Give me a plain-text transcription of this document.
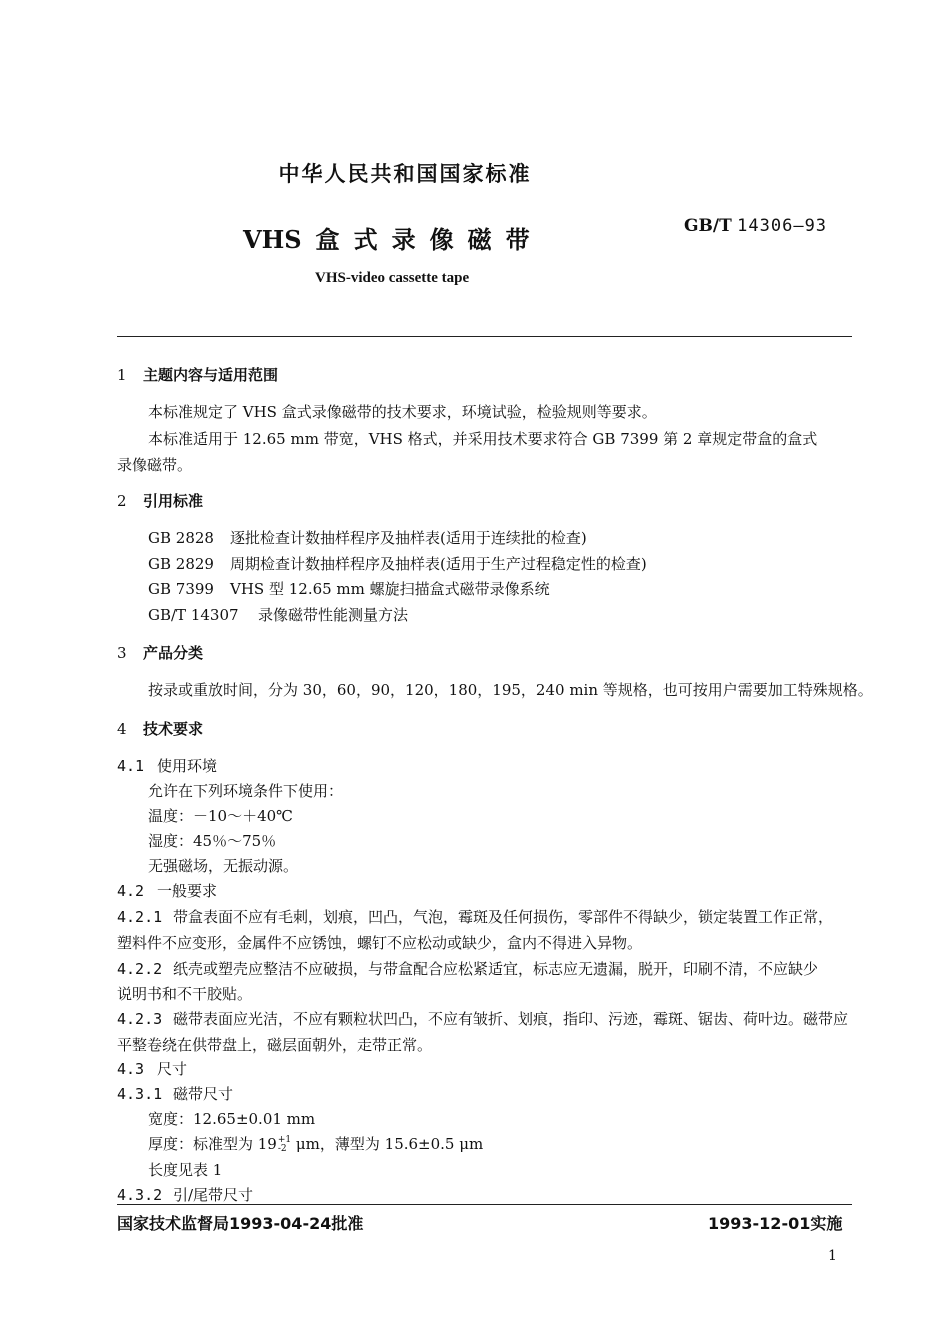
中华人民共和国国家标准
VHS 盒式录像磁带	GB/T 14306—93
VHS-video cassette tape
1 主题内容与适用范围
本标准规定了 VHS 盒式录像磁带的技术要求，环境试验，检验规则等要求。
本标准适用于 12.65 mm 带宽，VHS 格式，并采用技术要求符合 GB 7399 第 2 章规定带盒的盒式
录像磁带。
2 引用标准
GB 2828 逐批检查计数抽样程序及抽样表(适用于连续批的检查)
GB 2829 周期检查计数抽样程序及抽样表(适用于生产过程稳定性的检查)
GB 7399 VHS 型 12.65 mm 螺旋扫描盒式磁带录像系统
GB/T 14307 录像磁带性能测量方法
3 产品分类
按录或重放时间，分为 30，60，90，120，180，195，240 min 等规格，也可按用户需要加工特殊规格。
4 技术要求
4.1 使用环境
允许在下列环境条件下使用：
温度：－10～＋40℃
湿度：45％～75％
无强磁场，无振动源。
4.2 一般要求
4.2.1 带盒表面不应有毛刺，划痕，凹凸，气泡，霉斑及任何损伤，零部件不得缺少，锁定装置工作正常，
塑料件不应变形，金属件不应锈蚀，螺钉不应松动或缺少，盒内不得进入异物。
4.2.2 纸壳或塑壳应整洁不应破损，与带盒配合应松紧适宜，标志应无遗漏，脱开，印刷不清，不应缺少
说明书和不干胶贴。
4.2.3 磁带表面应光洁，不应有颗粒状凹凸，不应有皱折、划痕，指印、污迹，霉斑、锯齿、荷叶边。磁带应
平整卷绕在供带盘上，磁层面朝外，走带正常。
4.3 尺寸
4.3.1 磁带尺寸
宽度：12.65±0.01 mm
厚度：标准型为 19 +1
-2 μm，薄型为 15.6±0.5 μm
长度见表 1
4.3.2 引/尾带尺寸
国家技术监督局1993-04-24批准	1993-12-01实施
1
